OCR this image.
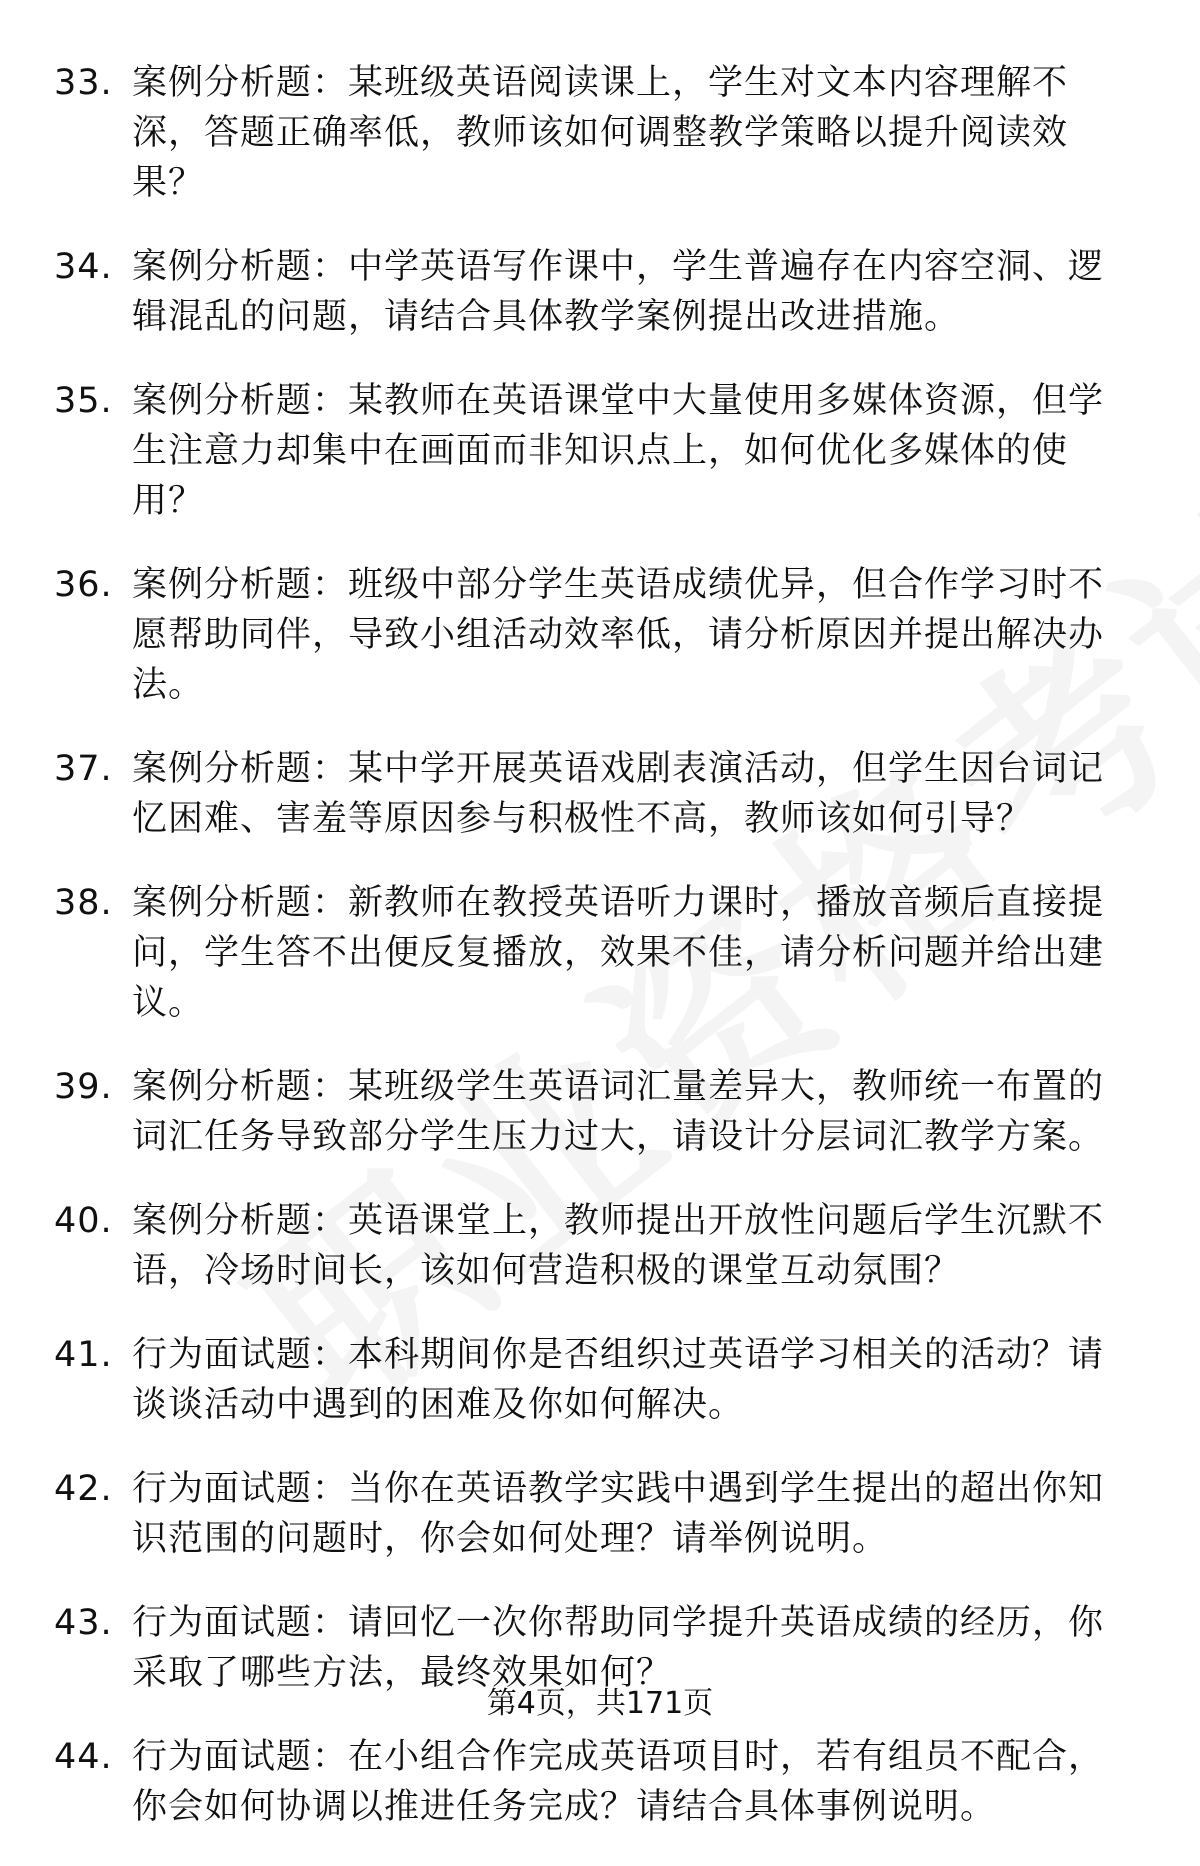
33. 案例分析题：某班级英语阅读课上，学生对文本内容理解不深，答题正确率低，教师该如何调整教学策略以提升阅读效果？
34. 案例分析题：中学英语写作课中，学生普遍存在内容空洞、逻辑混乱的问题，请结合具体教学案例提出改进措施。
35. 案例分析题：某教师在英语课堂中大量使用多媒体资源，但学生注意力却集中在画面而非知识点上，如何优化多媒体的使用？
36. 案例分析题：班级中部分学生英语成绩优异，但合作学习时不愿帮助同伴，导致小组活动效率低，请分析原因并提出解决办法。
37. 案例分析题：某中学开展英语戏剧表演活动，但学生因台词记忆困难、害羞等原因参与积极性不高，教师该如何引导？
38. 案例分析题：新教师在教授英语听力课时，播放音频后直接提问，学生答不出便反复播放，效果不佳，请分析问题并给出建议。
39. 案例分析题：某班级学生英语词汇量差异大，教师统一布置的词汇任务导致部分学生压力过大，请设计分层词汇教学方案。
40. 案例分析题：英语课堂上，教师提出开放性问题后学生沉默不语，冷场时间长，该如何营造积极的课堂互动氛围？
41. 行为面试题：本科期间你是否组织过英语学习相关的活动？请谈谈活动中遇到的困难及你如何解决。
42. 行为面试题：当你在英语教学实践中遇到学生提出的超出你知识范围的问题时，你会如何处理？请举例说明。
43. 行为面试题：请回忆一次你帮助同学提升英语成绩的经历，你采取了哪些方法，最终效果如何？
44. 行为面试题：在小组合作完成英语项目时，若有组员不配合，你会如何协调以推进任务完成？请结合具体事例说明。
第4页，共171页
